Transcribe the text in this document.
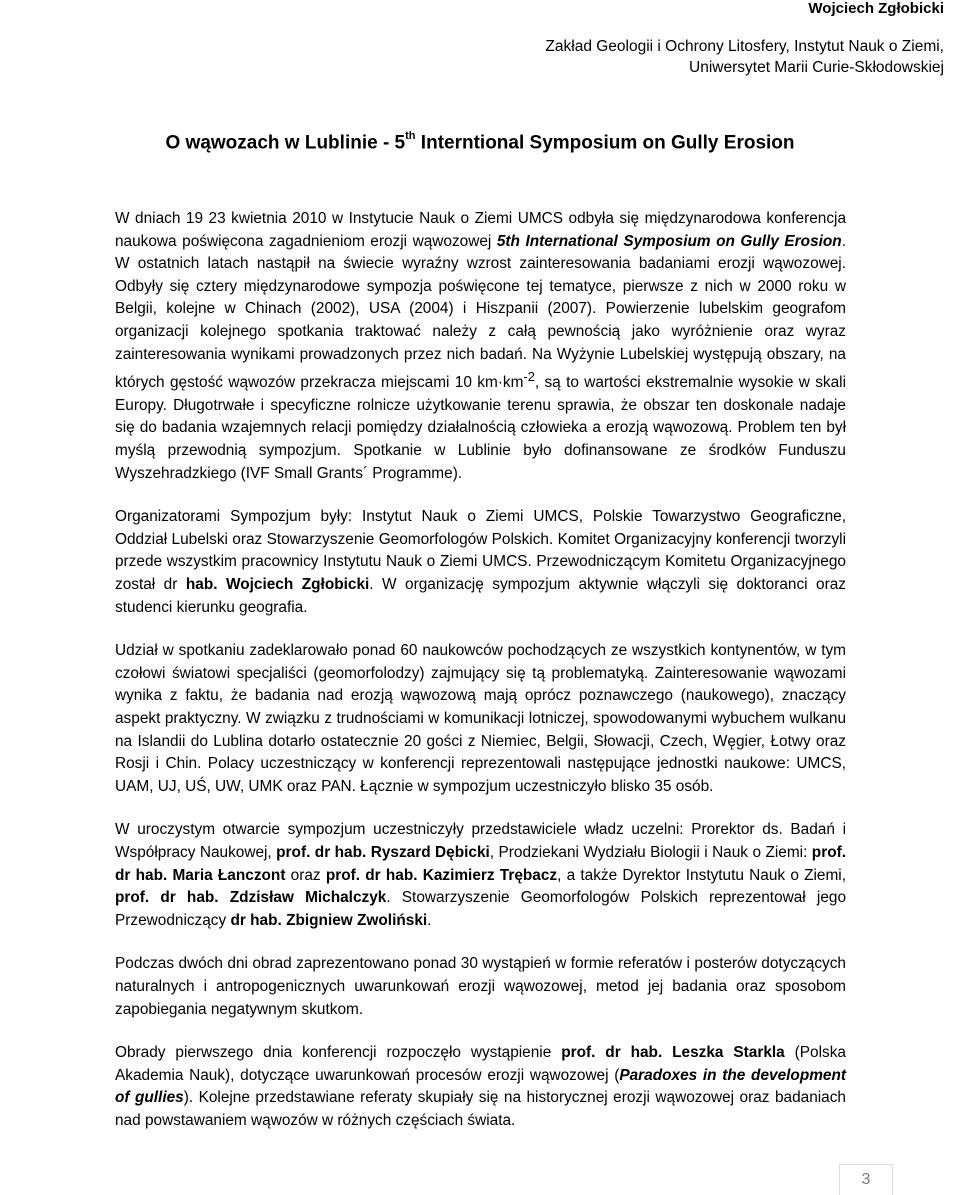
Wojciech Zgłobicki
Zakład Geologii i Ochrony Litosfery, Instytut Nauk o Ziemi,
Uniwersytet Marii Curie-Skłodowskiej
O wąwozach w Lublinie - 5th Interntional Symposium on Gully Erosion

W dniach 19 23 kwietnia 2010 w Instytucie Nauk o Ziemi UMCS odbyła się międzynarodowa konferencja naukowa poświęcona zagadnieniom erozji wąwozowej 5th International Symposium on Gully Erosion. W ostatnich latach nastąpił na świecie wyraźny wzrost zainteresowania badaniami erozji wąwozowej. Odbyły się cztery międzynarodowe sympozja poświęcone tej tematyce, pierwsze z nich w 2000 roku w Belgii, kolejne w Chinach (2002), USA (2004) i Hiszpanii (2007). Powierzenie lubelskim geografom organizacji kolejnego spotkania traktować należy z całą pewnością jako wyróżnienie oraz wyraz zainteresowania wynikami prowadzonych przez nich badań. Na Wyżynie Lubelskiej występują obszary, na których gęstość wąwozów przekracza miejscami 10 $km\cdot km^{-2}$, są to wartości ekstremalnie wysokie w skali Europy. Długotrwałe i specyficzne rolnicze użytkowanie terenu sprawia, że obszar ten doskonale nadaje się do badania wzajemnych relacji pomiędzy działalnością człowieka a erozją wąwozową. Problem ten był myślą przewodnią sympozjum. Spotkanie w Lublinie było dofinansowane ze środków Funduszu Wyszehradzkiego (IVF Small Grants´ Programme).

Organizatorami Sympozjum były: Instytut Nauk o Ziemi UMCS, Polskie Towarzystwo Geograficzne, Oddział Lubelski oraz Stowarzyszenie Geomorfologów Polskich. Komitet Organizacyjny konferencji tworzyli przede wszystkim pracownicy Instytutu Nauk o Ziemi UMCS. Przewodniczącym Komitetu Organizacyjnego został dr hab. Wojciech Zgłobicki. W organizację sympozjum aktywnie włączyli się doktoranci oraz studenci kierunku geografia.

Udział w spotkaniu zadeklarowało ponad 60 naukowców pochodzących ze wszystkich kontynentów, w tym czołowi światowi specjaliści (geomorfolodzy) zajmujący się tą problematyką. Zainteresowanie wąwozami wynika z faktu, że badania nad erozją wąwozową mają oprócz poznawczego (naukowego), znaczący aspekt praktyczny. W związku z trudnościami w komunikacji lotniczej, spowodowanymi wybuchem wulkanu na Islandii do Lublina dotarło ostatecznie 20 gości z Niemiec, Belgii, Słowacji, Czech, Węgier, Łotwy oraz Rosji i Chin. Polacy uczestniczący w konferencji reprezentowali następujące jednostki naukowe: UMCS, UAM, UJ, UŚ, UW, UMK oraz PAN. Łącznie w sympozjum uczestniczyło blisko 35 osób.

W uroczystym otwarcie sympozjum uczestniczyły przedstawiciele władz uczelni: Prorektor ds. Badań i Współpracy Naukowej, prof. dr hab. Ryszard Dębicki, Prodziekani Wydziału Biologii i Nauk o Ziemi: prof. dr hab. Maria Łanczont oraz prof. dr hab. Kazimierz Trębacz, a także Dyrektor Instytutu Nauk o Ziemi, prof. dr hab. Zdzisław Michalczyk. Stowarzyszenie Geomorfologów Polskich reprezentował jego Przewodniczący dr hab. Zbigniew Zwoliński.

Podczas dwóch dni obrad zaprezentowano ponad 30 wystąpień w formie referatów i posterów dotyczących naturalnych i antropogenicznych uwarunkowań erozji wąwozowej, metod jej badania oraz sposobom zapobiegania negatywnym skutkom.

Obrady pierwszego dnia konferencji rozpoczęło wystąpienie prof. dr hab. Leszka Starkla (Polska Akademia Nauk), dotyczące uwarunkowań procesów erozji wąwozowej (Paradoxes in the development of gullies). Kolejne przedstawiane referaty skupiały się na historycznej erozji wąwozowej oraz badaniach nad powstawaniem wąwozów w różnych częściach świata.

3
